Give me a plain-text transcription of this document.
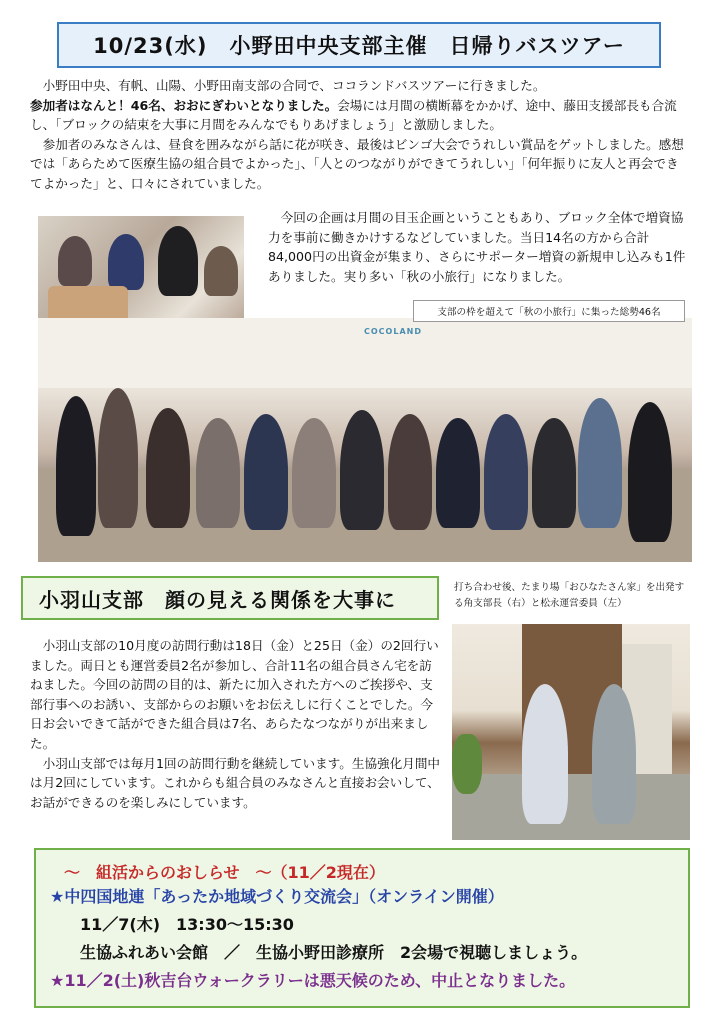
10/23(水)　小野田中央支部主催　日帰りバスツアー
　小野田中央、有帆、山陽、小野田南支部の合同で、ココランドバスツアーに行きました。
参加者はなんと！46名、おおにぎわいとなりました。会場には月間の横断幕をかかげ、途中、藤田支援部長も合流し、「ブロックの結束を大事に月間をみんなでもりあげましょう」と激励しました。
　参加者のみなさんは、昼食を囲みながら話に花が咲き、最後はビンゴ大会でうれしい賞品をゲットしました。感想では「あらためて医療生協の組合員でよかった」、「人とのつながりができてうれしい」「何年振りに友人と再会できてよかった」と、口々にされていました。
　今回の企画は月間の目玉企画ということもあり、ブロック全体で増資協力を事前に働きかけするなどしていました。当日14名の方から合計84,000円の出資金が集まり、さらにサポーター増資の新規申し込みも1件ありました。実り多い「秋の小旅行」になりました。
支部の枠を超えて「秋の小旅行」に集った総勢46名
COCOLAND
小羽山支部　顔の見える関係を大事に	打ち合わせ後、たまり場「おひなたさん家」を出発する角支部長（右）と松永運営委員（左）
　小羽山支部の10月度の訪問行動は18日（金）と25日（金）の2回行いました。両日とも運営委員2名が参加し、合計11名の組合員さん宅を訪ねました。今回の訪問の目的は、新たに加入された方へのご挨拶や、支部行事へのお誘い、支部からのお願いをお伝えしに行くことでした。今日お会いできて話ができた組合員は7名、あらたなつながりが出来ました。
　小羽山支部では毎月1回の訪問行動を継続しています。生協強化月間中は月2回にしています。これからも組合員のみなさんと直接お会いして、お話ができるのを楽しみにしています。
～　組活からのおしらせ　～（11／2現在）
★中四国地連「あったか地域づくり交流会」（オンライン開催）
11／7(木)　13:30～15:30
生協ふれあい会館　／　生協小野田診療所　2会場で視聴しましょう。
★11／2(土)秋吉台ウォークラリーは悪天候のため、中止となりました。
